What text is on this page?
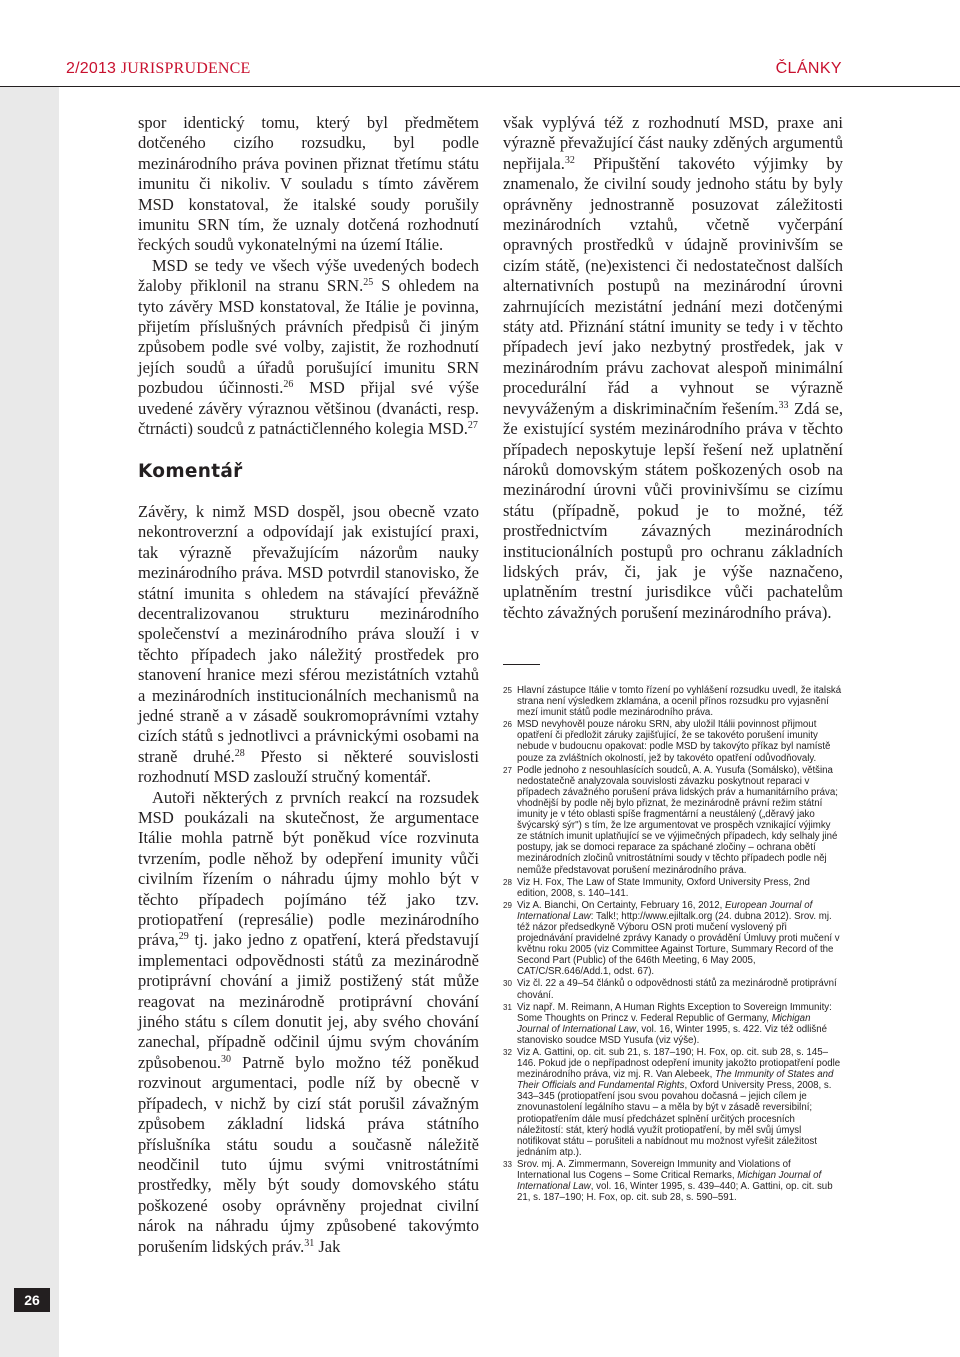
2/2013 JURISPRUDENCE	ČLÁNKY
26

spor identický tomu, který byl předmětem dotčeného cizího rozsudku, byl podle mezinárodního práva povinen přiznat třetímu státu imunitu či nikoliv. V souladu s tímto závěrem MSD konstatoval, že italské soudy porušily imunitu SRN tím, že uznaly dotčená rozhodnutí řeckých soudů vykonatelnými na území Itálie.

MSD se tedy ve všech výše uvedených bodech žaloby přiklonil na stranu SRN.$^{25}$ S ohledem na tyto závěry MSD konstatoval, že Itálie je povinna, přijetím příslušných právních předpisů či jiným způsobem podle své volby, zajistit, že rozhodnutí jejích soudů a úřadů porušující imunitu SRN pozbudou účinnosti.$^{26}$ MSD přijal své výše uvedené závěry výraznou většinou (dvanácti, resp. čtrnácti) soudců z patnáctičlenného kolegia MSD.$^{27}$

Komentář

Závěry, k nimž MSD dospěl, jsou obecně vzato nekontroverzní a odpovídají jak existující praxi, tak výrazně převažujícím názorům nauky mezinárodního práva. MSD potvrdil stanovisko, že státní imunita s ohledem na stávající převážně decentralizovanou strukturu mezinárodního společenství a mezinárodního práva slouží i v těchto případech jako náležitý prostředek pro stanovení hranice mezi sférou mezistátních vztahů a mezinárodních institucionálních mechanismů na jedné straně a v zásadě soukromoprávními vztahy cizích států s jednotlivci a právnickými osobami na straně druhé.$^{28}$ Přesto si některé souvislosti rozhodnutí MSD zaslouží stručný komentář.

Autoři některých z prvních reakcí na rozsudek MSD poukázali na skutečnost, že argumentace Itálie mohla patrně být poněkud více rozvinuta tvrzením, podle něhož by odepření imunity vůči civilním řízením o náhradu újmy mohlo být v těchto případech pojímáno též jako tzv. protiopatření (represálie) podle mezinárodního práva,$^{29}$ tj. jako jedno z opatření, která představují implementaci odpovědnosti států za mezinárodně protiprávní chování a jimiž postižený stát může reagovat na mezinárodně protiprávní chování jiného státu s cílem donutit jej, aby svého chování zanechal, případně odčinil újmu svým chováním způsobenou.$^{30}$ Patrně bylo možno též poněkud rozvinout argumentaci, podle níž by obecně v případech, v nichž by cizí stát porušil závažným způsobem základní lidská práva státního příslušníka státu soudu a současně náležitě neodčinil tuto újmu svými vnitrostátními prostředky, měly být soudy domovského státu poškozené osoby oprávněny projednat civilní nárok na náhradu újmy způsobené takovýmto porušením lidských práv.$^{31}$ Jak

však vyplývá též z rozhodnutí MSD, praxe ani výrazně převažující část nauky zděných argumentů nepřijala.$^{32}$ Připuštění takovéto výjimky by znamenalo, že civilní soudy jednoho státu by byly oprávněny jednostranně posuzovat záležitosti mezinárodních vztahů, včetně vyčerpání opravných prostředků v údajně provinivším se cizím státě, (ne)existenci či nedostatečnost dalších alternativních postupů na mezinárodní úrovni zahrnujících mezistátní jednání mezi dotčenými státy atd. Přiznání státní imunity se tedy i v těchto případech jeví jako nezbytný prostředek, jak v mezinárodním právu zachovat alespoň minimální procedurální řád a vyhnout se výrazně nevyváženým a diskriminačním řešením.$^{33}$ Zdá se, že existující systém mezinárodního práva v těchto případech neposkytuje lepší řešení než uplatnění nároků domovským státem poškozených osob na mezinárodní úrovni vůči provinivšímu se cizímu státu (případně, pokud je to možné, též prostřednictvím závazných mezinárodních institucionálních postupů pro ochranu základních lidských práv, či, jak je výše naznačeno, uplatněním trestní jurisdikce vůči pachatelům těchto závažných porušení mezinárodního práva).

25 Hlavní zástupce Itálie v tomto řízení po vyhlášení rozsudku uvedl, že italská strana není výsledkem zklamána, a ocenil přínos rozsudku pro vyjasnění mezí imunit států podle mezinárodního práva.
26 MSD nevyhověl pouze nároku SRN, aby uložil Itálii povinnost přijmout opatření či předložit záruky zajišťující, že se takovéto porušení imunity nebude v budoucnu opakovat: podle MSD by takovýto příkaz byl namístě pouze za zvláštních okolností, jež by takovéto opatření odůvodňovaly.
27 Podle jednoho z nesouhlasících soudců, A. A. Yusufa (Somálsko), většina nedostatečně analyzovala souvislosti závazku poskytnout reparaci v případech závažného porušení práva lidských práv a humanitárního práva; vhodnější by podle něj bylo přiznat, že mezinárodně právní režim státní imunity je v této oblasti spíše fragmentární a neustálený („děravý jako švýcarský sýr") s tím, že lze argumentovat ve prospěch vznikající výjimky ze státních imunit uplatňující se ve výjimečných případech, kdy selhaly jiné postupy, jak se domoci reparace za spáchané zločiny – ochrana obětí mezinárodních zločinů vnitrostátními soudy v těchto případech podle něj nemůže představovat porušení mezinárodního práva.
28 Viz H. Fox, The Law of State Immunity, Oxford University Press, 2nd edition, 2008, s. 140–141.
29 Viz A. Bianchi, On Certainty, February 16, 2012, European Journal of International Law: Talk!; http://www.ejiltalk.org (24. dubna 2012). Srov. mj. též názor předsedkyně Výboru OSN proti mučení vyslovený při projednávání pravidelné zprávy Kanady o provádění Úmluvy proti mučení v květnu roku 2005 (viz Committee Against Torture, Summary Record of the Second Part (Public) of the 646th Meeting, 6 May 2005, CAT/C/SR.646/Add.1, odst. 67).
30 Viz čl. 22 a 49–54 článků o odpovědnosti států za mezinárodně protiprávní chování.
31 Viz např. M. Reimann, A Human Rights Exception to Sovereign Immunity: Some Thoughts on Princz v. Federal Republic of Germany, Michigan Journal of International Law, vol. 16, Winter 1995, s. 422. Viz též odlišné stanovisko soudce MSD Yusufa (viz výše).
32 Viz A. Gattini, op. cit. sub 21, s. 187–190; H. Fox, op. cit. sub 28, s. 145–146. Pokud jde o nepřípadnost odepření imunity jakožto protiopatření podle mezinárodního práva, viz mj. R. Van Alebeek, The Immunity of States and Their Officials and Fundamental Rights, Oxford University Press, 2008, s. 343–345 (protiopatření jsou svou povahou dočasná – jejich cílem je znovunastolení legálního stavu – a měla by být v zásadě reversibilní; protiopatřením dále musí předcházet splnění určitých procesních náležitostí: stát, který hodlá využít protiopatření, by měl svůj úmysl notifikovat státu – porušiteli a nabídnout mu možnost vyřešit záležitost jednáním atp.).
33 Srov. mj. A. Zimmermann, Sovereign Immunity and Violations of International Ius Cogens – Some Critical Remarks, Michigan Journal of International Law, vol. 16, Winter 1995, s. 439–440; A. Gattini, op. cit. sub 21, s. 187–190; H. Fox, op. cit. sub 28, s. 590–591.
